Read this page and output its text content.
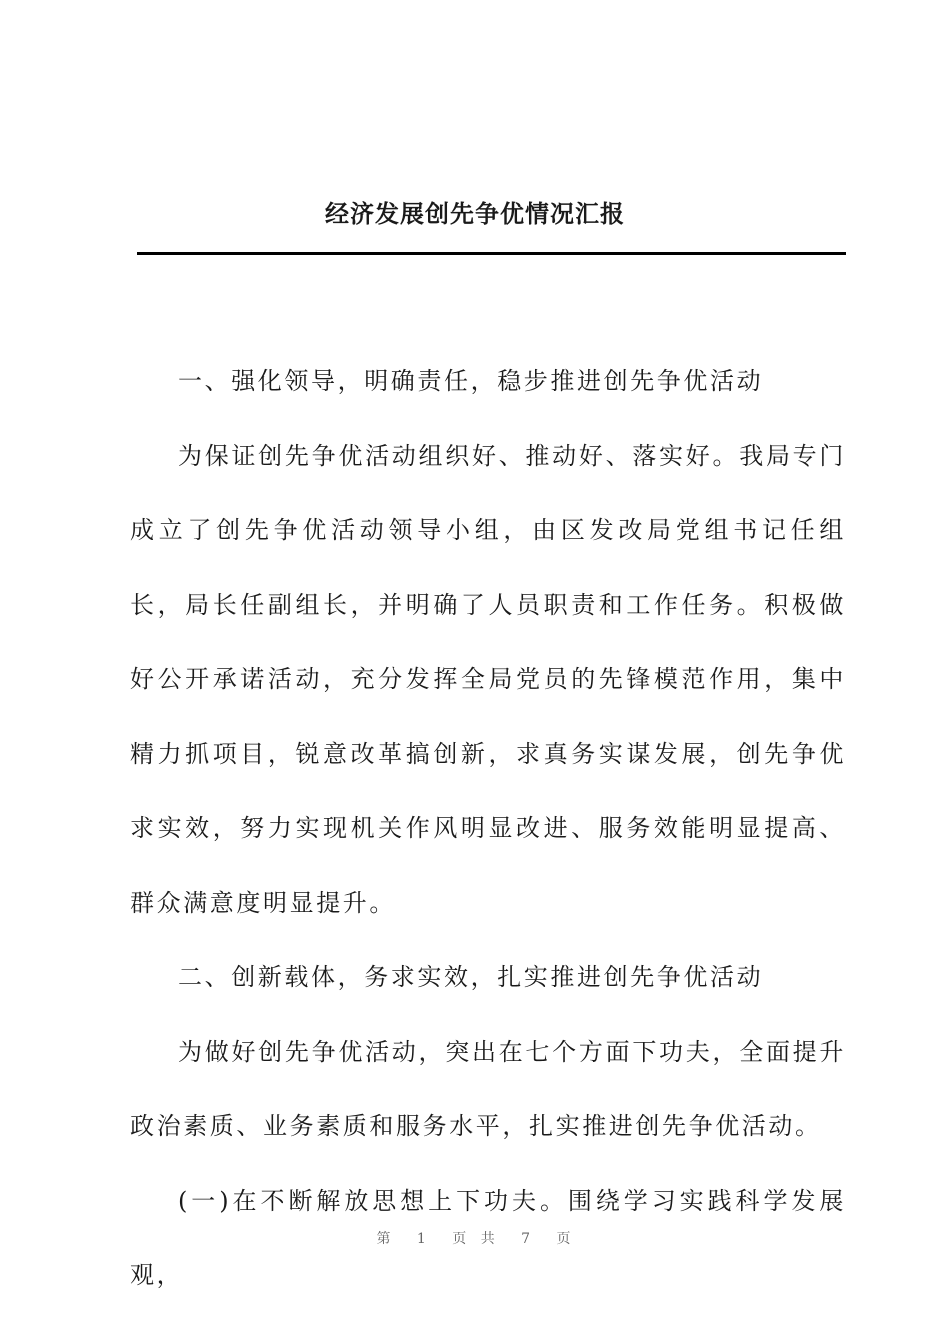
经济发展创先争优情况汇报

一、强化领导，明确责任，稳步推进创先争优活动

为保证创先争优活动组织好、推动好、落实好。我局专门成立了创先争优活动领导小组，由区发改局党组书记任组长，局长任副组长，并明确了人员职责和工作任务。积极做好公开承诺活动，充分发挥全局党员的先锋模范作用，集中精力抓项目，锐意改革搞创新，求真务实谋发展，创先争优求实效，努力实现机关作风明显改进、服务效能明显提高、群众满意度明显提升。

二、创新载体，务求实效，扎实推进创先争优活动

为做好创先争优活动，突出在七个方面下功夫，全面提升政治素质、业务素质和服务水平，扎实推进创先争优活动。

(一)在不断解放思想上下功夫。围绕学习实践科学发展观，

第 1 页 共 7 页
